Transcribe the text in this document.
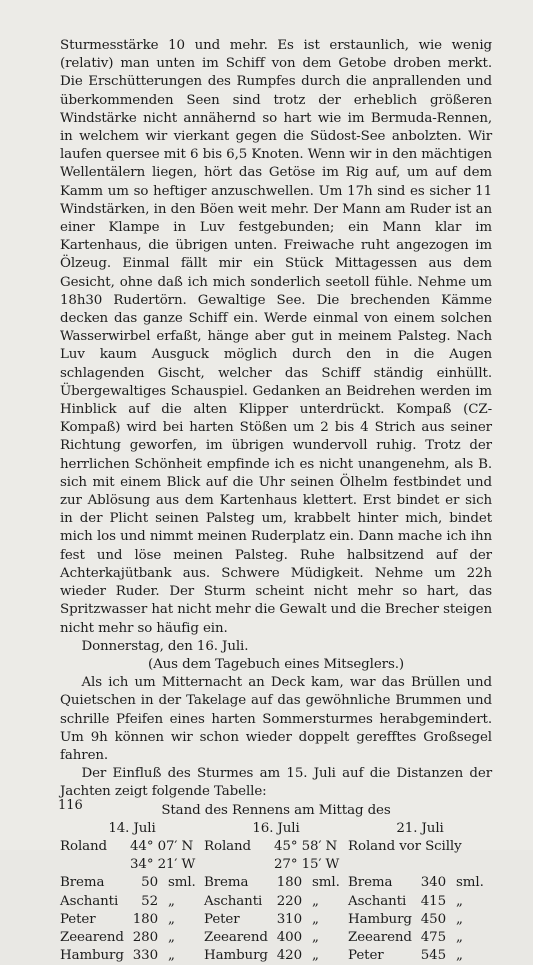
Sturmesstärke 10 und mehr. Es ist erstaunlich, wie wenig (relativ) man unten im Schiff von dem Getobe droben merkt. Die Erschütterungen des Rumpfes durch die anprallenden und überkommenden Seen sind trotz der erheblich größeren Windstärke nicht annähernd so hart wie im Bermuda-Rennen, in welchem wir vierkant gegen die Südost-See anbolzten. Wir laufen quersee mit 6 bis 6,5 Knoten. Wenn wir in den mächtigen Wellentälern liegen, hört das Getöse im Rig auf, um auf dem Kamm um so heftiger anzuschwellen. Um 17h sind es sicher 11 Windstärken, in den Böen weit mehr. Der Mann am Ruder ist an einer Klampe in Luv festgebunden; ein Mann klar im Kartenhaus, die übrigen unten. Freiwache ruht angezogen im Ölzeug. Einmal fällt mir ein Stück Mittagessen aus dem Gesicht, ohne daß ich mich sonderlich seetoll fühle. Nehme um 18h30 Rudertörn. Gewaltige See. Die brechenden Kämme decken das ganze Schiff ein. Werde einmal von einem solchen Wasserwirbel erfaßt, hänge aber gut in meinem Palsteg. Nach Luv kaum Ausguck möglich durch den in die Augen schlagenden Gischt, welcher das Schiff ständig einhüllt. Übergewaltiges Schauspiel. Gedanken an Beidrehen werden im Hinblick auf die alten Klipper unterdrückt. Kompaß (CZ-Kompaß) wird bei harten Stößen um 2 bis 4 Strich aus seiner Richtung geworfen, im übrigen wundervoll ruhig. Trotz der herrlichen Schönheit empfinde ich es nicht unangenehm, als B. sich mit einem Blick auf die Uhr seinen Ölhelm festbindet und zur Ablösung aus dem Kartenhaus klettert. Erst bindet er sich in der Plicht seinen Palsteg um, krabbelt hinter mich, bindet mich los und nimmt meinen Ruderplatz ein. Dann mache ich ihn fest und löse meinen Palsteg. Ruhe halbsitzend auf der Achterkajütbank aus. Schwere Müdigkeit. Nehme um 22h wieder Ruder. Der Sturm scheint nicht mehr so hart, das Spritzwasser hat nicht mehr die Gewalt und die Brecher steigen nicht mehr so häufig ein.

Donnerstag, den 16. Juli.

(Aus dem Tagebuch eines Mitseglers.)

Als ich um Mitternacht an Deck kam, war das Brüllen und Quietschen in der Takelage auf das gewöhnliche Brummen und schrille Pfeifen eines harten Sommersturmes herabgemindert. Um 9h können wir schon wieder doppelt gerefftes Großsegel fahren.

Der Einfluß des Sturmes am 15. Juli auf die Distanzen der Jachten zeigt folgende Tabelle:

Stand des Rennens am Mittag des

14. Juli			16. Juli			21. Juli		
Roland	44° 07′ N		Roland	45° 58′ N		Roland vor Scilly		
	34° 21′ W			27° 15′ W				
Brema	50	sml.	Brema	180	sml.	Brema	340	sml.
Aschanti	52	„	Aschanti	220	„	Aschanti	415	„
Peter	180	„	Peter	310	„	Hamburg	450	„
Zeearend	280	„	Zeearend	400	„	Zeearend	475	„
Hamburg	330	„	Hamburg	420	„	Peter	545	„
116
